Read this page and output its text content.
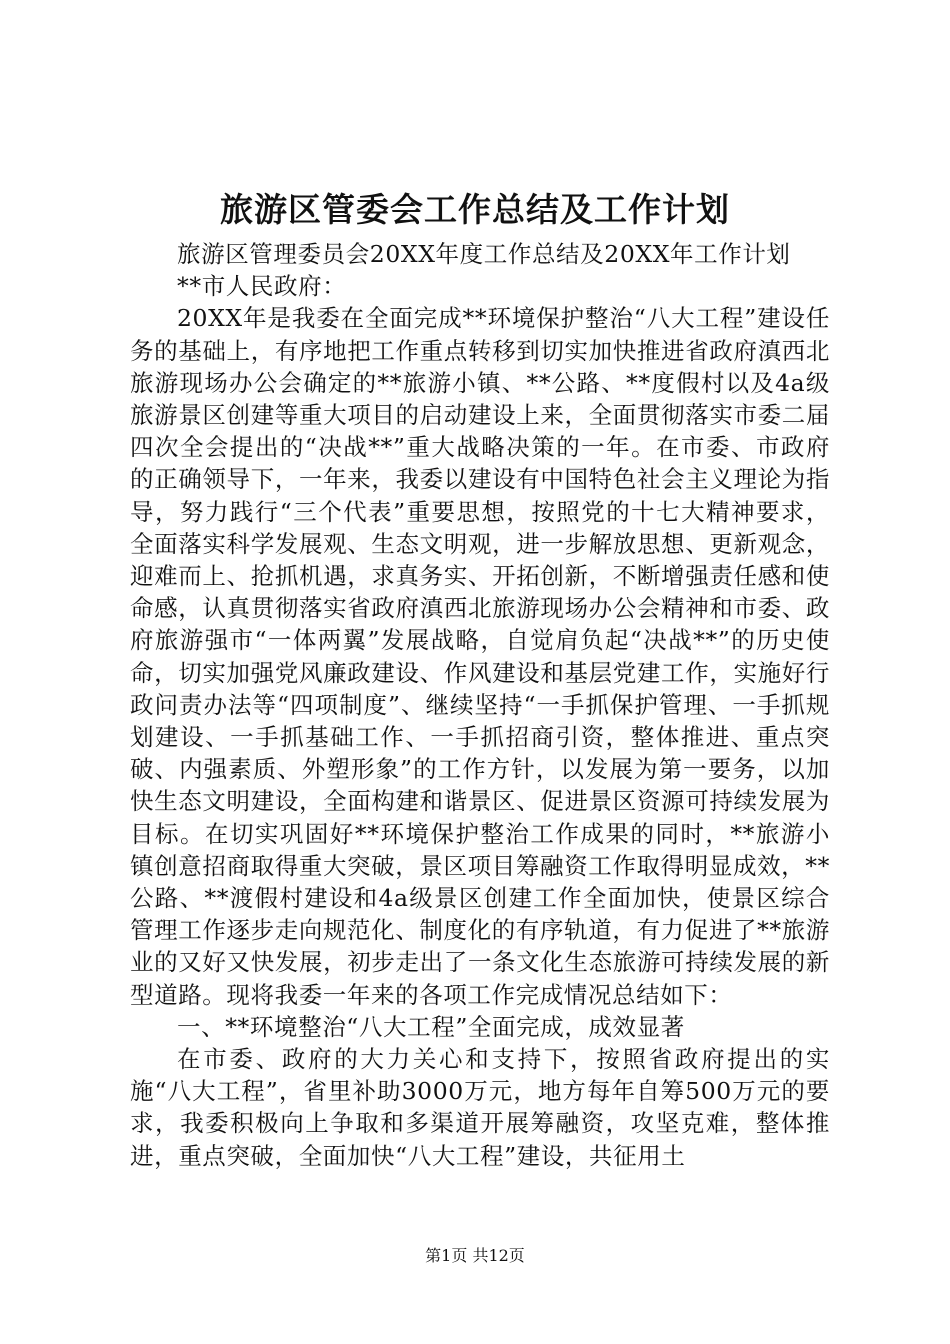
旅游区管委会工作总结及工作计划

旅游区管理委员会20XX年度工作总结及20XX年工作计划

**市人民政府：

20XX年是我委在全面完成**环境保护整治“八大工程”建设任务的基础上，有序地把工作重点转移到切实加快推进省政府滇西北旅游现场办公会确定的**旅游小镇、**公路、**度假村以及4a级旅游景区创建等重大项目的启动建设上来，全面贯彻落实市委二届四次全会提出的“决战**”重大战略决策的一年。在市委、市政府的正确领导下，一年来，我委以建设有中国特色社会主义理论为指导，努力践行“三个代表”重要思想，按照党的十七大精神要求，全面落实科学发展观、生态文明观，进一步解放思想、更新观念，迎难而上、抢抓机遇，求真务实、开拓创新，不断增强责任感和使命感，认真贯彻落实省政府滇西北旅游现场办公会精神和市委、政府旅游强市“一体两翼”发展战略，自觉肩负起“决战**”的历史使命，切实加强党风廉政建设、作风建设和基层党建工作，实施好行政问责办法等“四项制度”、继续坚持“一手抓保护管理、一手抓规划建设、一手抓基础工作、一手抓招商引资，整体推进、重点突破、内强素质、外塑形象”的工作方针，以发展为第一要务，以加快生态文明建设，全面构建和谐景区、促进景区资源可持续发展为目标。在切实巩固好**环境保护整治工作成果的同时，**旅游小镇创意招商取得重大突破，景区项目筹融资工作取得明显成效，**公路、**渡假村建设和4a级景区创建工作全面加快，使景区综合管理工作逐步走向规范化、制度化的有序轨道，有力促进了**旅游业的又好又快发展，初步走出了一条文化生态旅游可持续发展的新型道路。现将我委一年来的各项工作完成情况总结如下：

一、**环境整治“八大工程”全面完成，成效显著

在市委、政府的大力关心和支持下，按照省政府提出的实施“八大工程”，省里补助3000万元，地方每年自筹500万元的要求，我委积极向上争取和多渠道开展筹融资，攻坚克难，整体推进，重点突破，全面加快“八大工程”建设，共征用土

第1页 共12页
